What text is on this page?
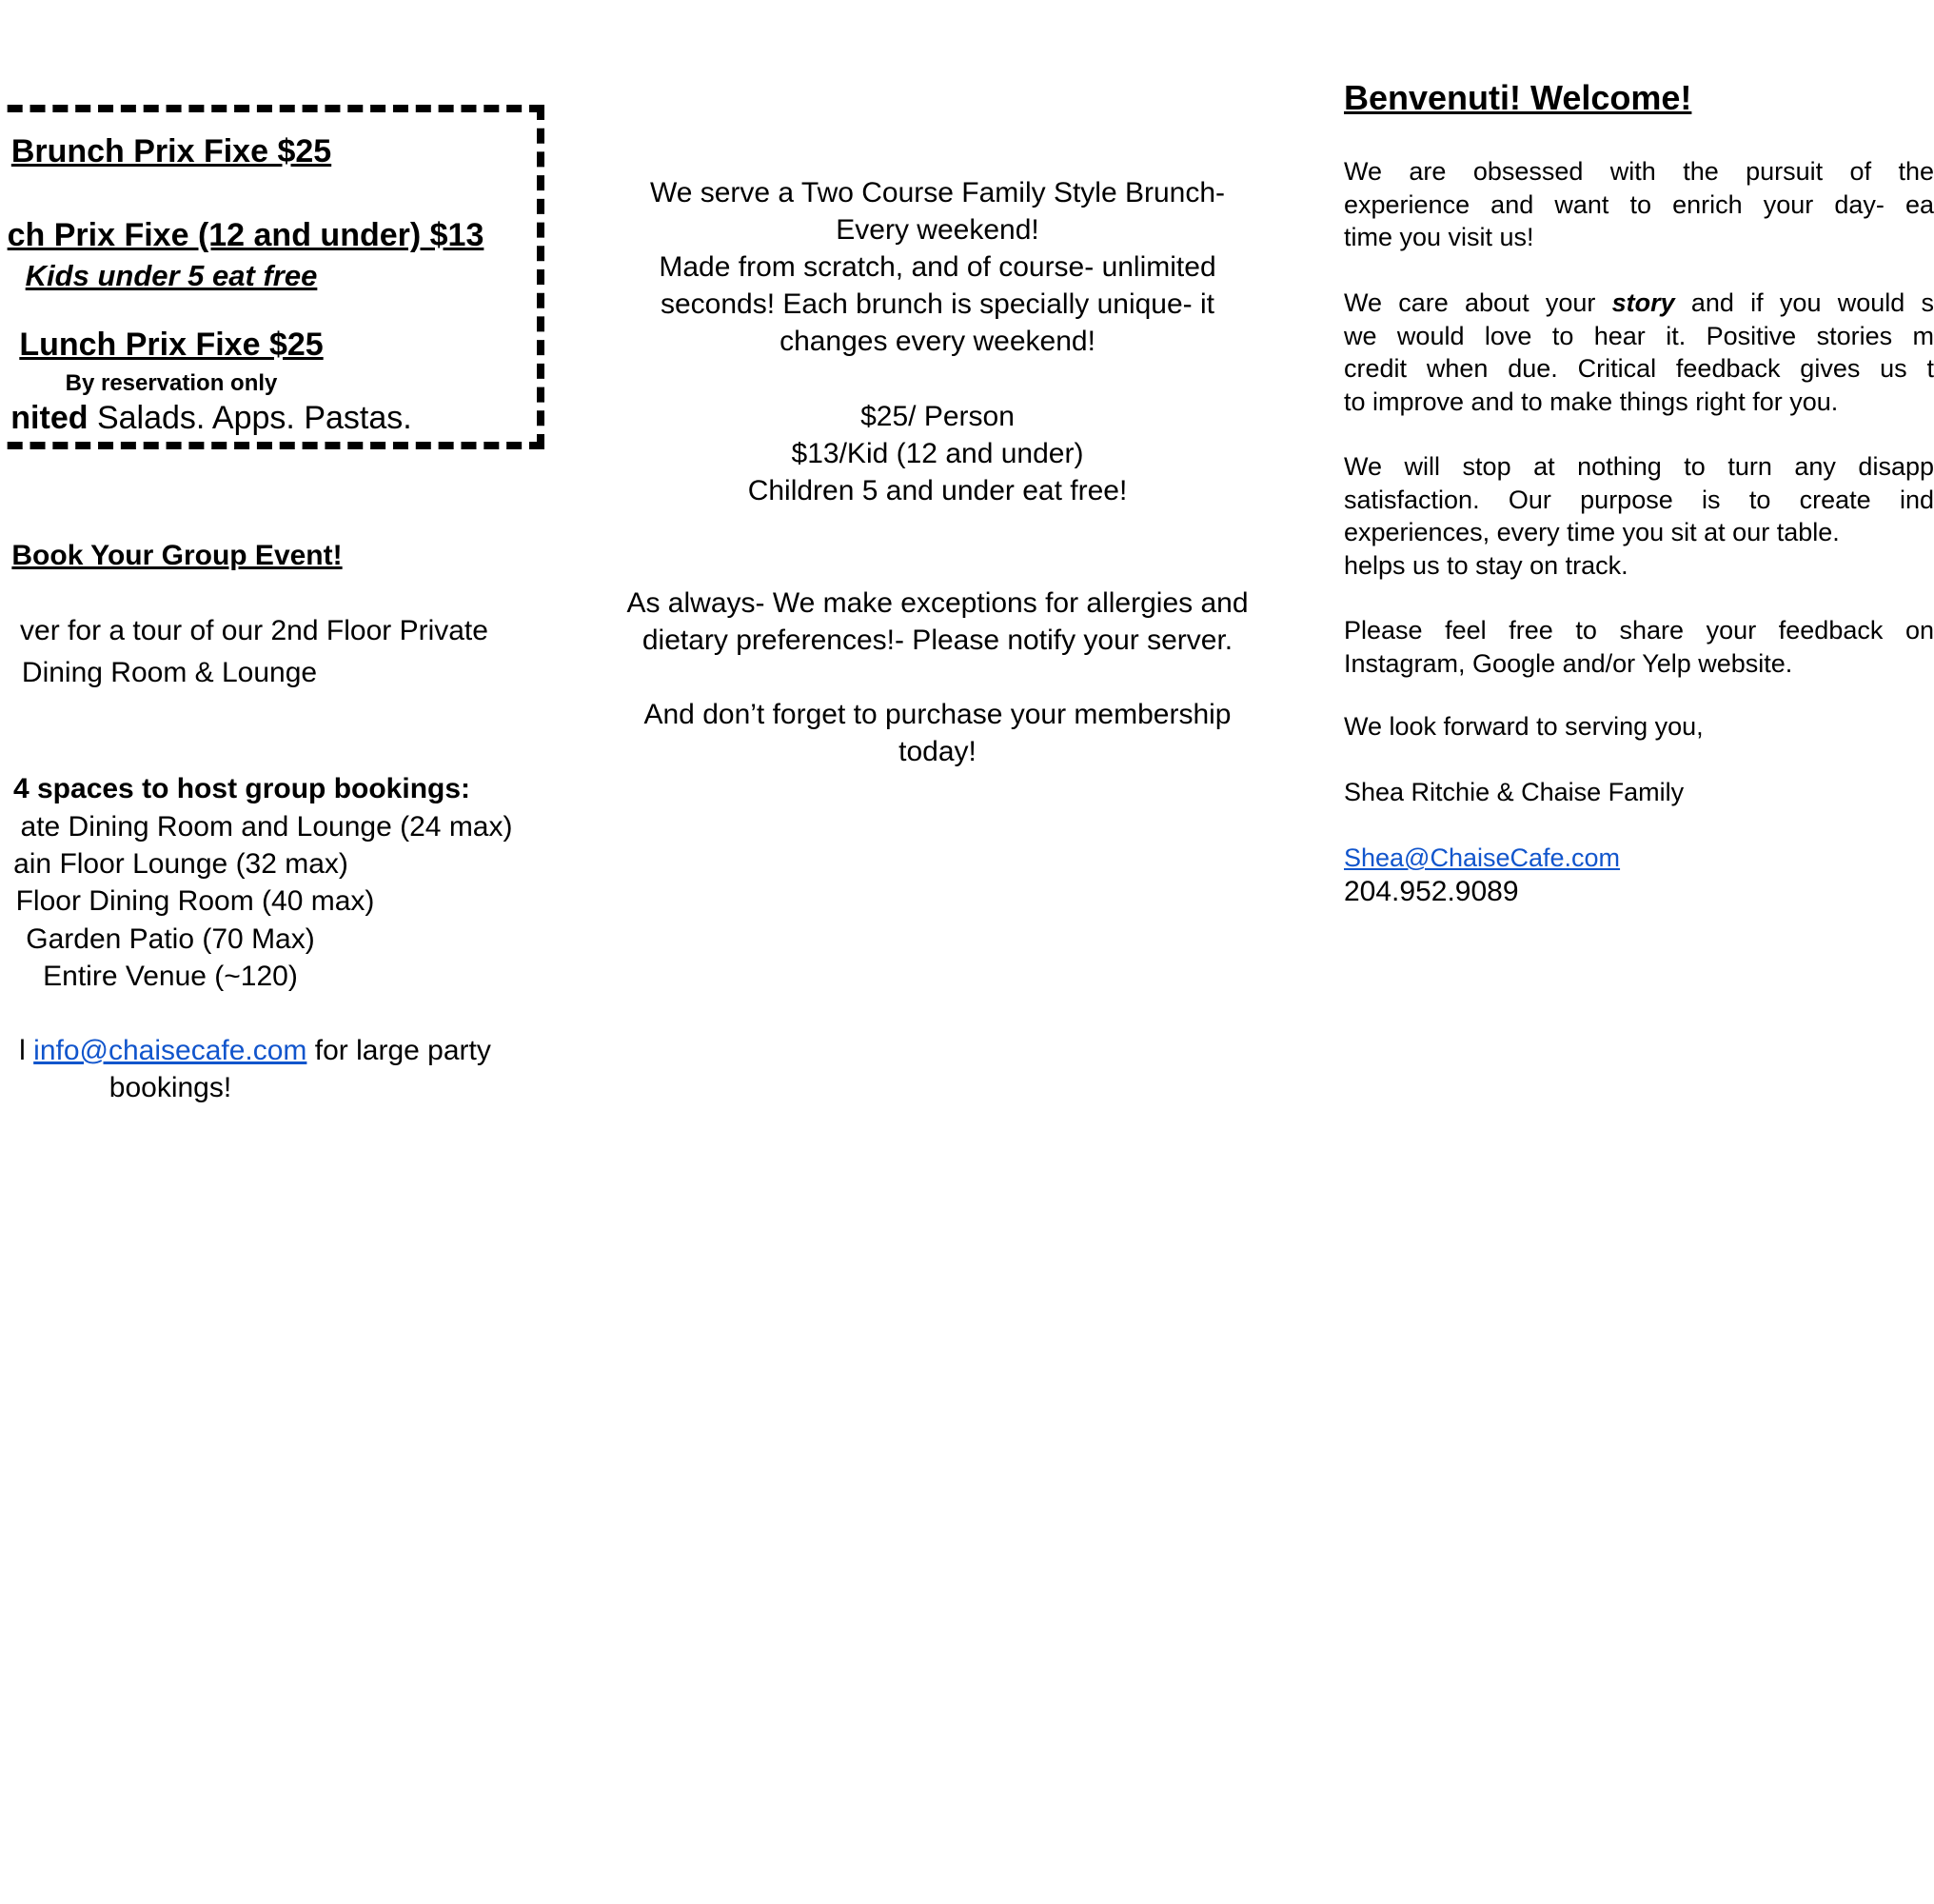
Brunch Prix Fixe $25
ch Prix Fixe (12 and under) $13
Kids under 5 eat free
Lunch Prix Fixe $25
By reservation only
nited Salads. Apps. Pastas.
Book Your Group Event!
ver for a tour of our 2nd Floor Private
Dining Room & Lounge
4 spaces to host group bookings:
ate Dining Room and Lounge (24 max)
ain Floor Lounge (32 max)
Floor Dining Room (40 max)
Garden Patio (70 Max)
Entire Venue (~120)
l info@chaisecafe.com for large party
bookings!
We serve a Two Course Family Style Brunch-
Every weekend!
Made from scratch, and of course- unlimited
seconds! Each brunch is specially unique- it
changes every weekend!
$25/ Person
$13/Kid (12 and under)
Children 5 and under eat free!
As always- We make exceptions for allergies and
dietary preferences!- Please notify your server.
And don’t forget to purchase your membership
today!
Benvenuti! Welcome!
We are obsessed with the pursuit of the
experience and want to enrich your day- ea
time you visit us!
We care about your story and if you would s
we would love to hear it. Positive stories m
credit when due. Critical feedback gives us t
to improve and to make things right for you.
We will stop at nothing to turn any disapp
satisfaction. Our purpose is to create ind
experiences, every time you sit at our table.
helps us to stay on track.
Please feel free to share your feedback on
Instagram, Google and/or Yelp website.
We look forward to serving you,
Shea Ritchie & Chaise Family
Shea@ChaiseCafe.com
204.952.9089
